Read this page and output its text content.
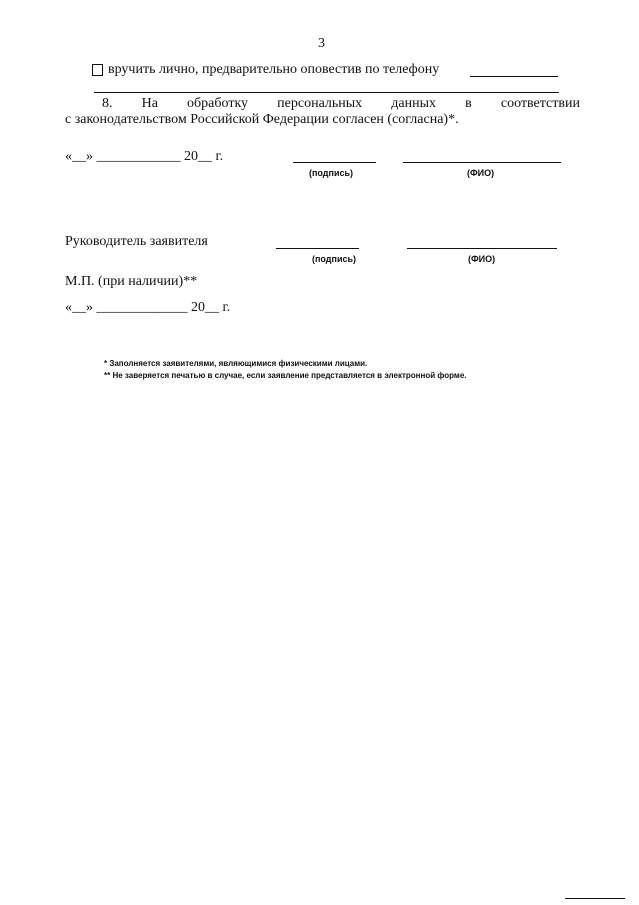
3
вручить лично, предварительно оповестив по телефону
8. На обработку персональных данных в соответствии
с законодательством Российской Федерации согласен (согласна)*.
«__» ____________ 20__ г.
(подпись)	(ФИО)
Руководитель заявителя
(подпись)	(ФИО)
М.П. (при наличии)**
«__» _____________ 20__ г.
* Заполняется заявителями, являющимися физическими лицами.
** Не заверяется печатью в случае, если заявление представляется в электронной форме.
